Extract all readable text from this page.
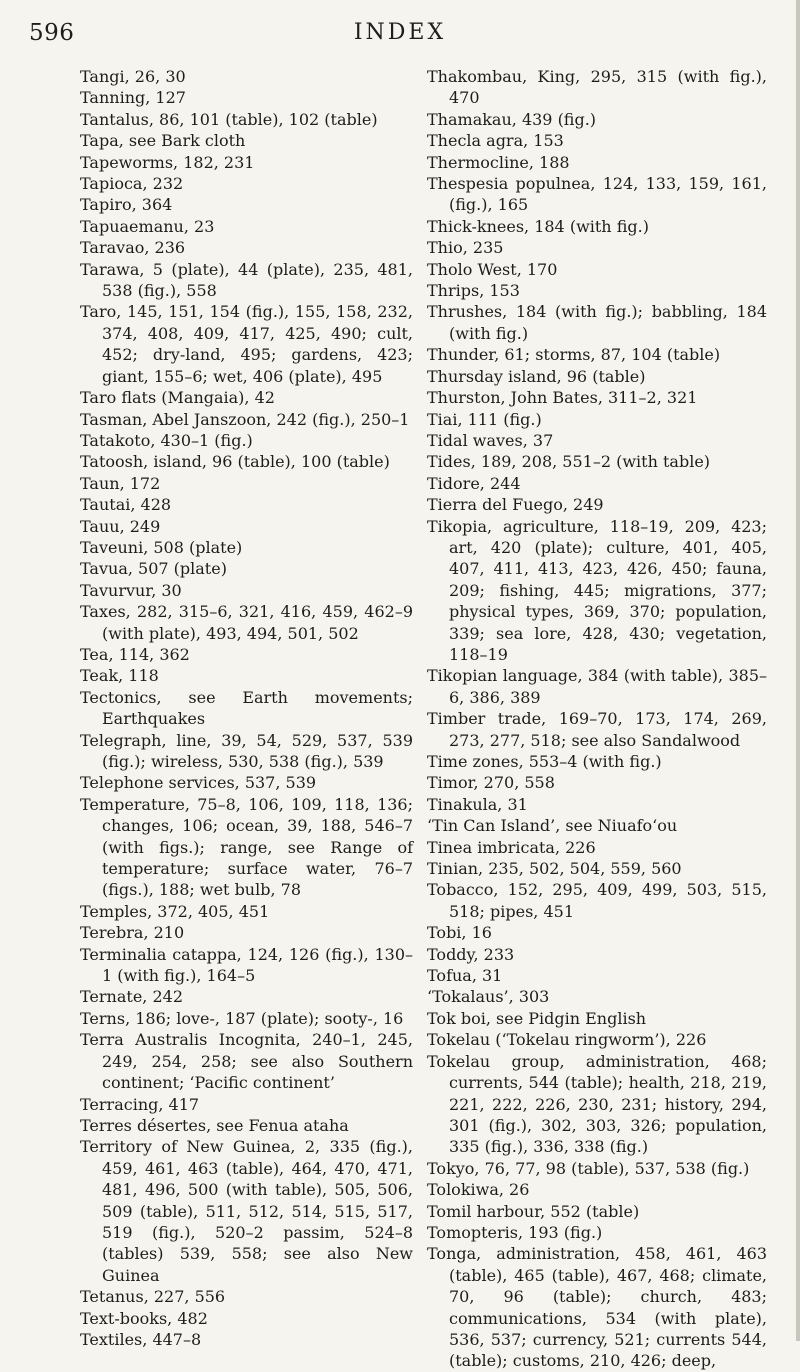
596	INDEX

Tangi, 26, 30

Tanning, 127

Tantalus, 86, 101 (table), 102 (table)

Tapa, see Bark cloth

Tapeworms, 182, 231

Tapioca, 232

Tapiro, 364

Tapuaemanu, 23

Taravao, 236

Tarawa, 5 (plate), 44 (plate), 235, 481, 538 (fig.), 558

Taro, 145, 151, 154 (fig.), 155, 158, 232, 374, 408, 409, 417, 425, 490; cult, 452; dry-land, 495; gardens, 423; giant, 155–6; wet, 406 (plate), 495

Taro flats (Mangaia), 42

Tasman, Abel Janszoon, 242 (fig.), 250–1

Tatakoto, 430–1 (fig.)

Tatoosh, island, 96 (table), 100 (table)

Taun, 172

Tautai, 428

Tauu, 249

Taveuni, 508 (plate)

Tavua, 507 (plate)

Tavurvur, 30

Taxes, 282, 315–6, 321, 416, 459, 462–9 (with plate), 493, 494, 501, 502

Tea, 114, 362

Teak, 118

Tectonics, see Earth movements; Earthquakes

Telegraph, line, 39, 54, 529, 537, 539 (fig.); wireless, 530, 538 (fig.), 539

Telephone services, 537, 539

Temperature, 75–8, 106, 109, 118, 136; changes, 106; ocean, 39, 188, 546–7 (with figs.); range, see Range of temperature; surface water, 76–7 (figs.), 188; wet bulb, 78

Temples, 372, 405, 451

Terebra, 210

Terminalia catappa, 124, 126 (fig.), 130–1 (with fig.), 164–5

Ternate, 242

Terns, 186; love-, 187 (plate); sooty-, 16

Terra Australis Incognita, 240–1, 245, 249, 254, 258; see also Southern continent; ‘Pacific continent’

Terracing, 417

Terres désertes, see Fenua ataha

Territory of New Guinea, 2, 335 (fig.), 459, 461, 463 (table), 464, 470, 471, 481, 496, 500 (with table), 505, 506, 509 (table), 511, 512, 514, 515, 517, 519 (fig.), 520–2 passim, 524–8 (tables) 539, 558; see also New Guinea

Tetanus, 227, 556

Text-books, 482

Textiles, 447–8

Thakombau, King, 295, 315 (with fig.), 470

Thamakau, 439 (fig.)

Thecla agra, 153

Thermocline, 188

Thespesia populnea, 124, 133, 159, 161, (fig.), 165

Thick-knees, 184 (with fig.)

Thio, 235

Tholo West, 170

Thrips, 153

Thrushes, 184 (with fig.); babbling, 184 (with fig.)

Thunder, 61; storms, 87, 104 (table)

Thursday island, 96 (table)

Thurston, John Bates, 311–2, 321

Tiai, 111 (fig.)

Tidal waves, 37

Tides, 189, 208, 551–2 (with table)

Tidore, 244

Tierra del Fuego, 249

Tikopia, agriculture, 118–19, 209, 423; art, 420 (plate); culture, 401, 405, 407, 411, 413, 423, 426, 450; fauna, 209; fishing, 445; migrations, 377; physical types, 369, 370; population, 339; sea lore, 428, 430; vegetation, 118–19

Tikopian language, 384 (with table), 385–6, 386, 389

Timber trade, 169–70, 173, 174, 269, 273, 277, 518; see also Sandalwood

Time zones, 553–4 (with fig.)

Timor, 270, 558

Tinakula, 31

‘Tin Can Island’, see Niuafo‘ou

Tinea imbricata, 226

Tinian, 235, 502, 504, 559, 560

Tobacco, 152, 295, 409, 499, 503, 515, 518; pipes, 451

Tobi, 16

Toddy, 233

Tofua, 31

‘Tokalaus’, 303

Tok boi, see Pidgin English

Tokelau (‘Tokelau ringworm’), 226

Tokelau group, administration, 468; currents, 544 (table); health, 218, 219, 221, 222, 226, 230, 231; history, 294, 301 (fig.), 302, 303, 326; population, 335 (fig.), 336, 338 (fig.)

Tokyo, 76, 77, 98 (table), 537, 538 (fig.)

Tolokiwa, 26

Tomil harbour, 552 (table)

Tomopteris, 193 (fig.)

Tonga, administration, 458, 461, 463 (table), 465 (table), 467, 468; climate, 70, 96 (table); church, 483; communications, 534 (with plate), 536, 537; currency, 521; currents 544, (table); customs, 210, 426; deep,
